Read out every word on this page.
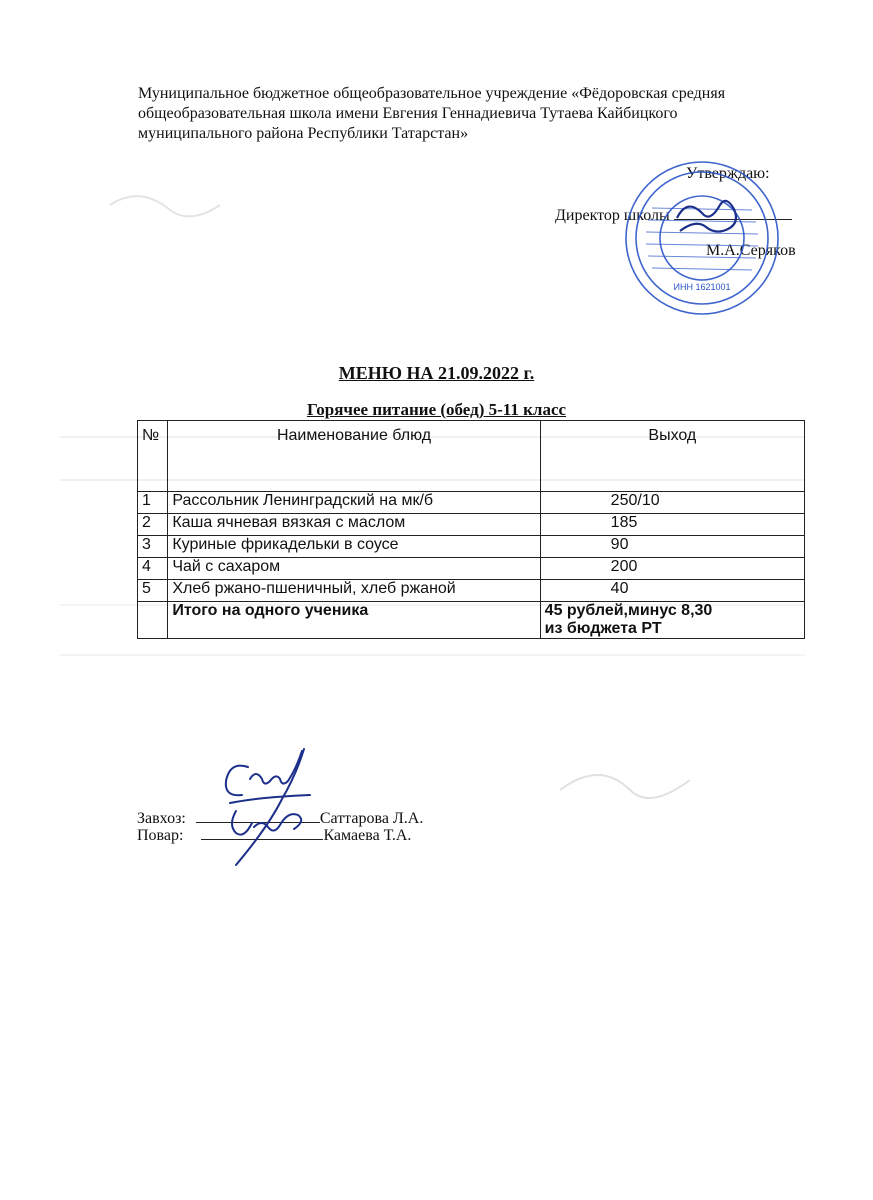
Муниципальное бюджетное общеобразовательное учреждение «Фёдоровская средняя
общеобразовательная школа имени Евгения Геннадиевича Тутаева Кайбицкого
муниципального района Республики Татарстан»
Утверждаю:
Директор школы
М.А.Серяков
ИНН 1621001
МЕНЮ НА 21.09.2022 г.
Горячее питание (обед) 5-11 класс
№	Наименование блюд	Выход
1	Рассольник Ленинградский на мк/б	250/10
2	Каша ячневая вязкая с маслом	185
3	Куриные фрикадельки в соусе	90
4	Чай с сахаром	200
5	Хлеб ржано-пшеничный, хлеб ржаной	40
	Итого на одного ученика	45 рублей,минус 8,30
из бюджета РТ
Завхоз:	Саттарова Л.А.
Повар:	Камаева Т.А.
